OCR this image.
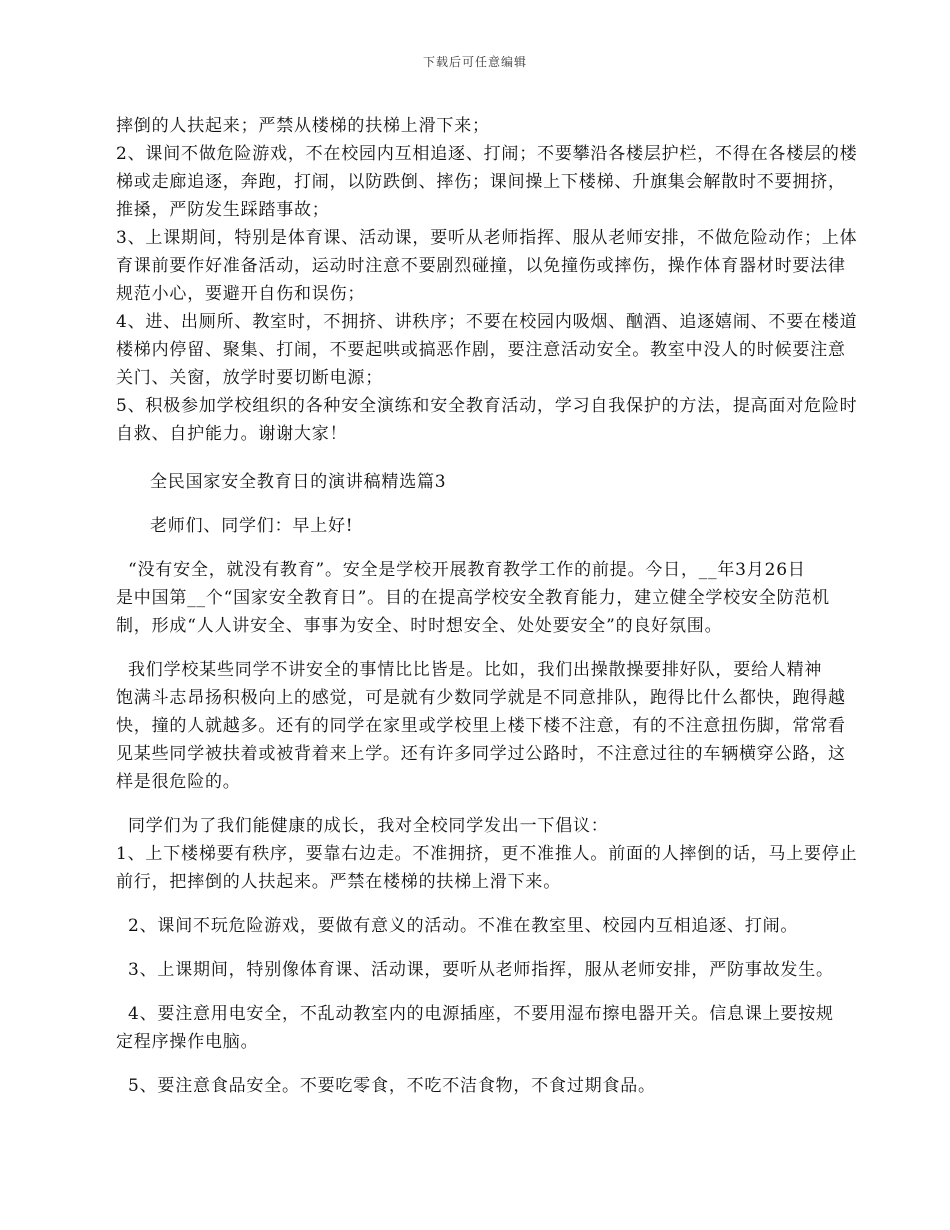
下载后可任意编辑
摔倒的人扶起来；严禁从楼梯的扶梯上滑下来；
2、课间不做危险游戏，不在校园内互相追逐、打闹；不要攀沿各楼层护栏，不得在各楼层的楼
梯或走廊追逐，奔跑，打闹，以防跌倒、摔伤；课间操上下楼梯、升旗集会解散时不要拥挤，
推搡，严防发生踩踏事故；
3、上课期间，特别是体育课、活动课，要听从老师指挥、服从老师安排，不做危险动作；上体
育课前要作好准备活动，运动时注意不要剧烈碰撞，以免撞伤或摔伤，操作体育器材时要法律
规范小心，要避开自伤和误伤；
4、进、出厕所、教室时，不拥挤、讲秩序；不要在校园内吸烟、酗酒、追逐嬉闹、不要在楼道
楼梯内停留、聚集、打闹，不要起哄或搞恶作剧，要注意活动安全。教室中没人的时候要注意
关门、关窗，放学时要切断电源；
5、积极参加学校组织的各种安全演练和安全教育活动，学习自我保护的方法，提高面对危险时
自救、自护能力。谢谢大家！
全民国家安全教育日的演讲稿精选篇3
老师们、同学们：早上好!
“没有安全，就没有教育”。安全是学校开展教育教学工作的前提。今日，__年3月26日
是中国第__个“国家安全教育日”。目的在提高学校安全教育能力，建立健全学校安全防范机
制，形成“人人讲安全、事事为安全、时时想安全、处处要安全”的良好氛围。
我们学校某些同学不讲安全的事情比比皆是。比如，我们出操散操要排好队，要给人精神
饱满斗志昂扬积极向上的感觉，可是就有少数同学就是不同意排队，跑得比什么都快，跑得越
快，撞的人就越多。还有的同学在家里或学校里上楼下楼不注意，有的不注意扭伤脚，常常看
见某些同学被扶着或被背着来上学。还有许多同学过公路时，不注意过往的车辆横穿公路，这
样是很危险的。
同学们为了我们能健康的成长，我对全校同学发出一下倡议：
1、上下楼梯要有秩序，要靠右边走。不准拥挤，更不准推人。前面的人摔倒的话，马上要停止
前行，把摔倒的人扶起来。严禁在楼梯的扶梯上滑下来。
2、课间不玩危险游戏，要做有意义的活动。不准在教室里、校园内互相追逐、打闹。
3、上课期间，特别像体育课、活动课，要听从老师指挥，服从老师安排，严防事故发生。
4、要注意用电安全，不乱动教室内的电源插座，不要用湿布擦电器开关。信息课上要按规
定程序操作电脑。
5、要注意食品安全。不要吃零食，不吃不洁食物，不食过期食品。
